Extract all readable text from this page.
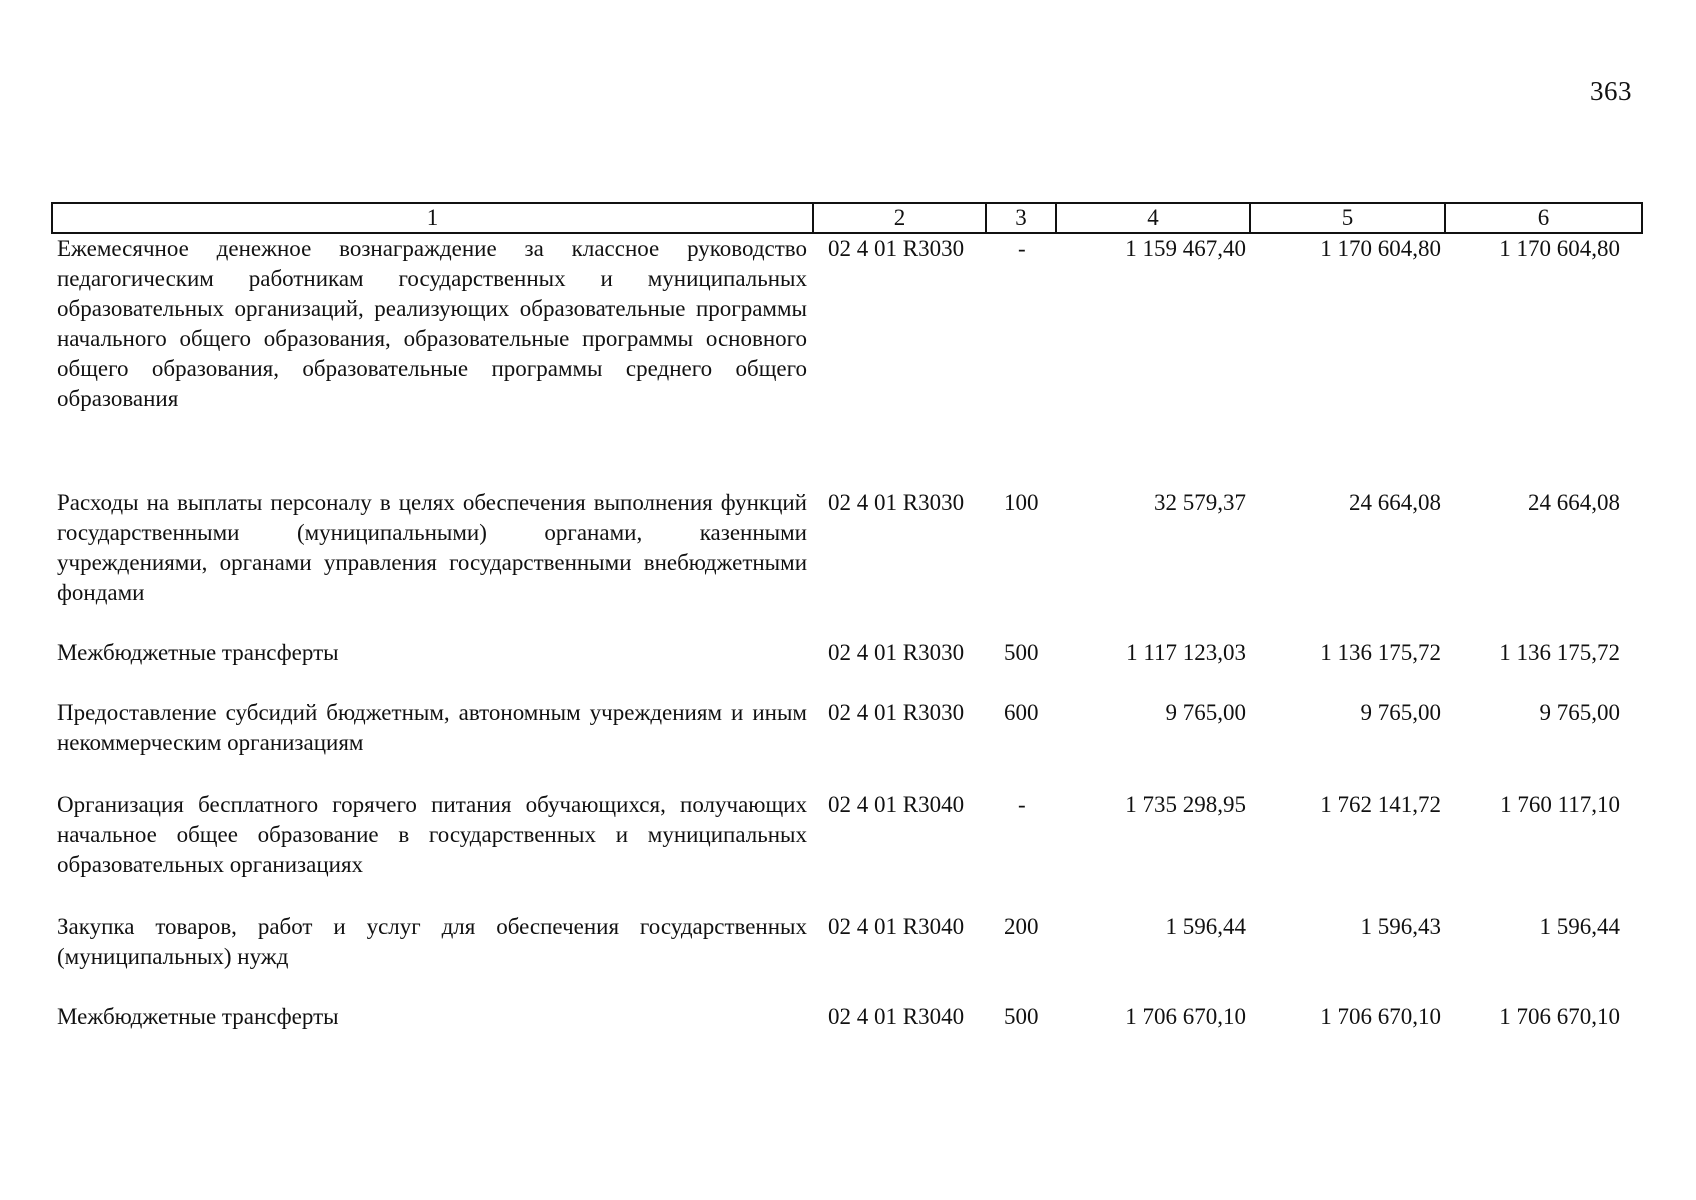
363
1	2	3	4	5	6
Ежемесячное денежное вознаграждение за классное руководство педагогическим работникам государственных и муниципальных образовательных организаций, реализующих образовательные программы начального общего образования, образовательные программы основного общего образования, образовательные программы среднего общего образования	02 4 01 R3030	-	1 159 467,40	1 170 604,80	1 170 604,80

Расходы на выплаты персоналу в целях обеспечения выполнения функций государственными (муниципальными) органами, казенными учреждениями, органами управления государственными внебюджетными фондами	02 4 01 R3030	100	32 579,37	24 664,08	24 664,08

Межбюджетные трансферты	02 4 01 R3030	500	1 117 123,03	1 136 175,72	1 136 175,72

Предоставление субсидий бюджетным, автономным учреждениям и иным некоммерческим организациям	02 4 01 R3030	600	9 765,00	9 765,00	9 765,00

Организация бесплатного горячего питания обучающихся, получающих начальное общее образование в государственных и муниципальных образовательных организациях	02 4 01 R3040	-	1 735 298,95	1 762 141,72	1 760 117,10

Закупка товаров, работ и услуг для обеспечения государственных (муниципальных) нужд	02 4 01 R3040	200	1 596,44	1 596,43	1 596,44

Межбюджетные трансферты	02 4 01 R3040	500	1 706 670,10	1 706 670,10	1 706 670,10
